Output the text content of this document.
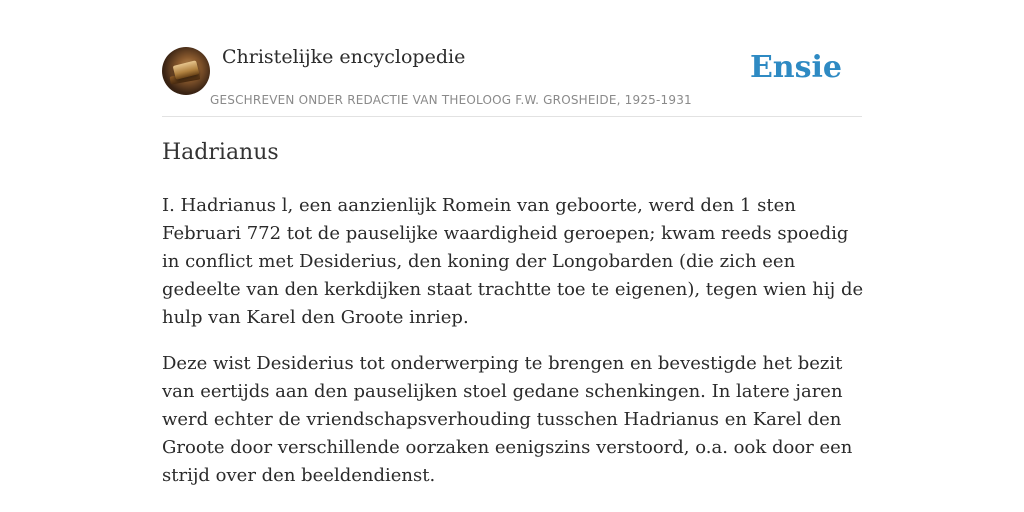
Christelijke encyclopedie
GESCHREVEN ONDER REDACTIE VAN THEOLOOG F.W. GROSHEIDE, 1925-1931
Ensie
Hadrianus

I. Hadrianus l, een aanzienlijk Romein van geboorte, werd den 1 sten Februari 772 tot de pauselijke waardigheid geroepen; kwam reeds spoedig in conflict met Desiderius, den koning der Longobarden (die zich een gedeelte van den kerkdijken staat trachtte toe te eigenen), tegen wien hij de hulp van Karel den Groote inriep.

Deze wist Desiderius tot onderwerping te brengen en bevestigde het bezit van eertijds aan den pauselijken stoel gedane schenkingen. In latere jaren werd echter de vriendschapsverhouding tusschen Hadrianus en Karel den Groote door verschillende oorzaken eenigszins verstoord, o.a. ook door een strijd over den beeldendienst.
